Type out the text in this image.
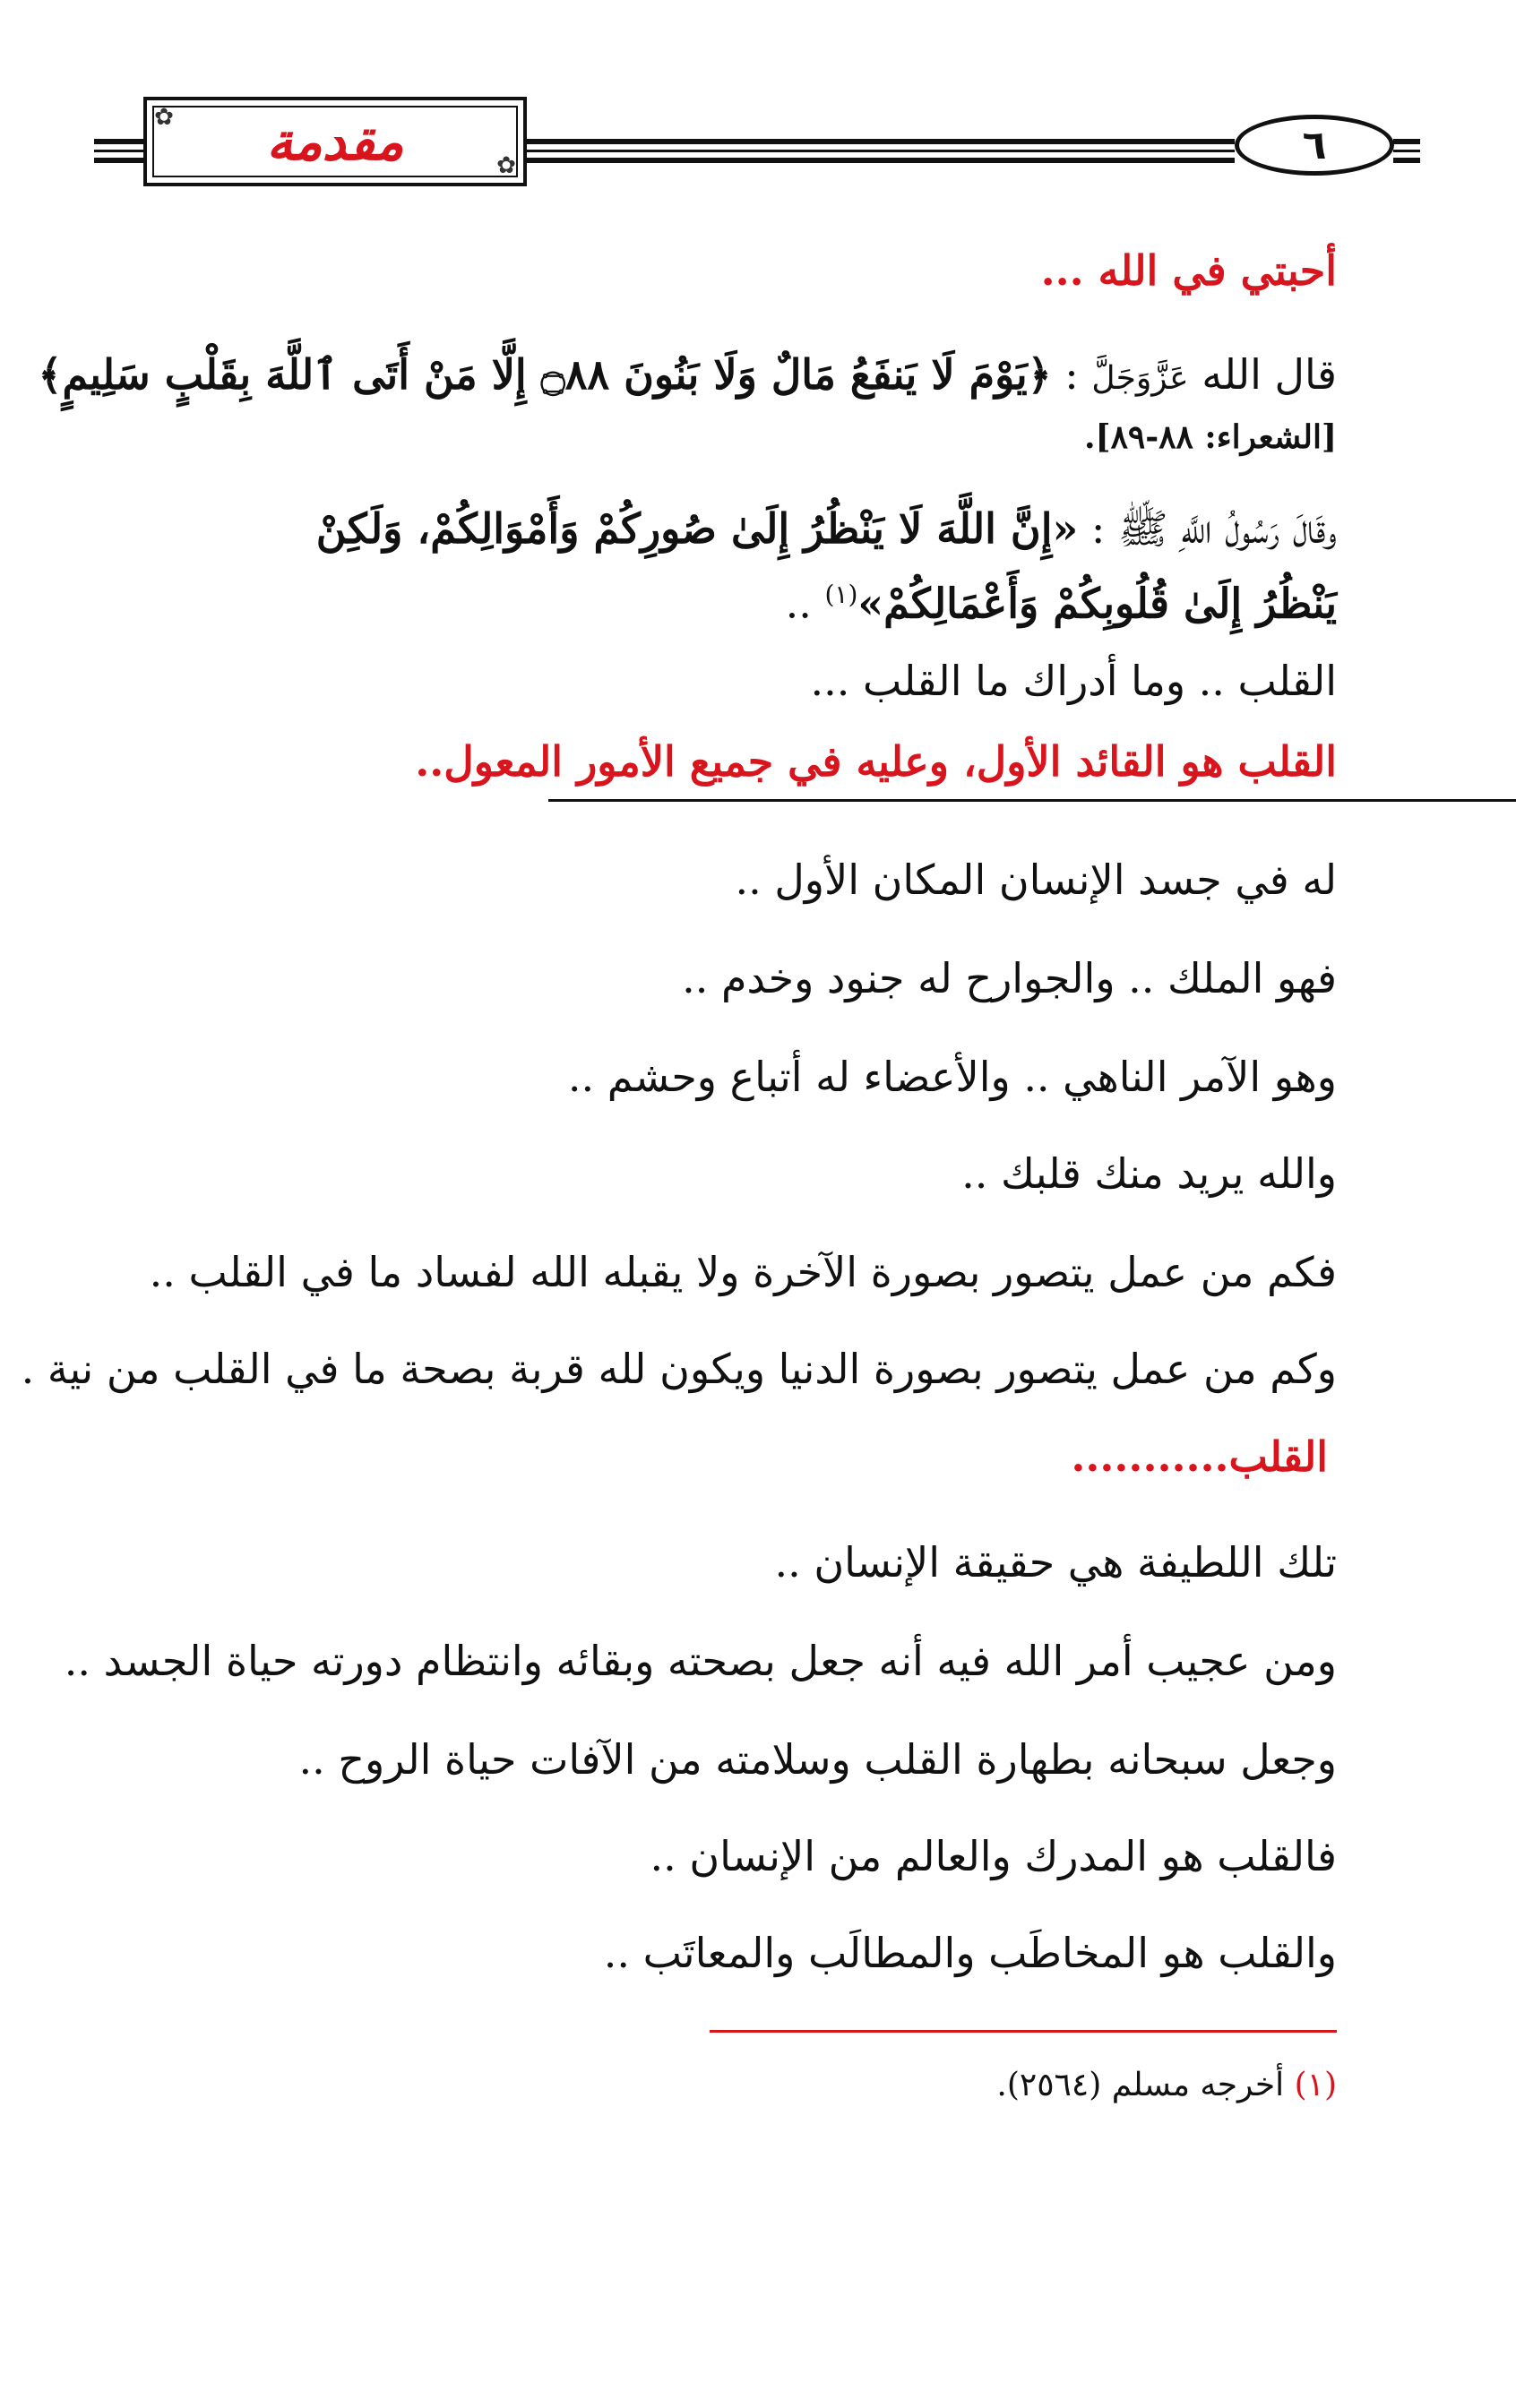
✿ مقدمة	✿	٦
أحبتي في الله ...
قال الله عَزَّوَجَلَّ : ﴿يَوْمَ لَا يَنفَعُ مَالٌ وَلَا بَنُونَ ۝٨٨ إِلَّا مَنْ أَتَى ٱللَّهَ بِقَلْبٍ سَلِيمٍ﴾
[الشعراء: ٨٨-٨٩].
وقَالَ رَسُولُ اللَّهِ ﷺ : «إِنَّ اللَّهَ لَا يَنْظُرُ إِلَىٰ صُورِكُمْ وَأَمْوَالِكُمْ، وَلَكِنْ
يَنْظُرُ إِلَىٰ قُلُوبِكُمْ وَأَعْمَالِكُمْ»$^{(١)}$ ..
القلب .. وما أدراك ما القلب ...
القلب هو القائد الأول، وعليه في جميع الأمور المعول..
له في جسد الإنسان المكان الأول ..
فهو الملك .. والجوارح له جنود وخدم ..
وهو الآمر الناهي .. والأعضاء له أتباع وحشم ..
والله يريد منك قلبك ..
فكم من عمل يتصور بصورة الآخرة ولا يقبله الله لفساد ما في القلب ..
وكم من عمل يتصور بصورة الدنيا ويكون لله قربة بصحة ما في القلب من نية .
القلب...........
تلك اللطيفة هي حقيقة الإنسان ..
ومن عجيب أمر الله فيه أنه جعل بصحته وبقائه وانتظام دورته حياة الجسد ..
وجعل سبحانه بطهارة القلب وسلامته من الآفات حياة الروح ..
فالقلب هو المدرك والعالم من الإنسان ..
والقلب هو المخاطَب والمطالَب والمعاتَب ..
(١) أخرجه مسلم (٢٥٦٤).
